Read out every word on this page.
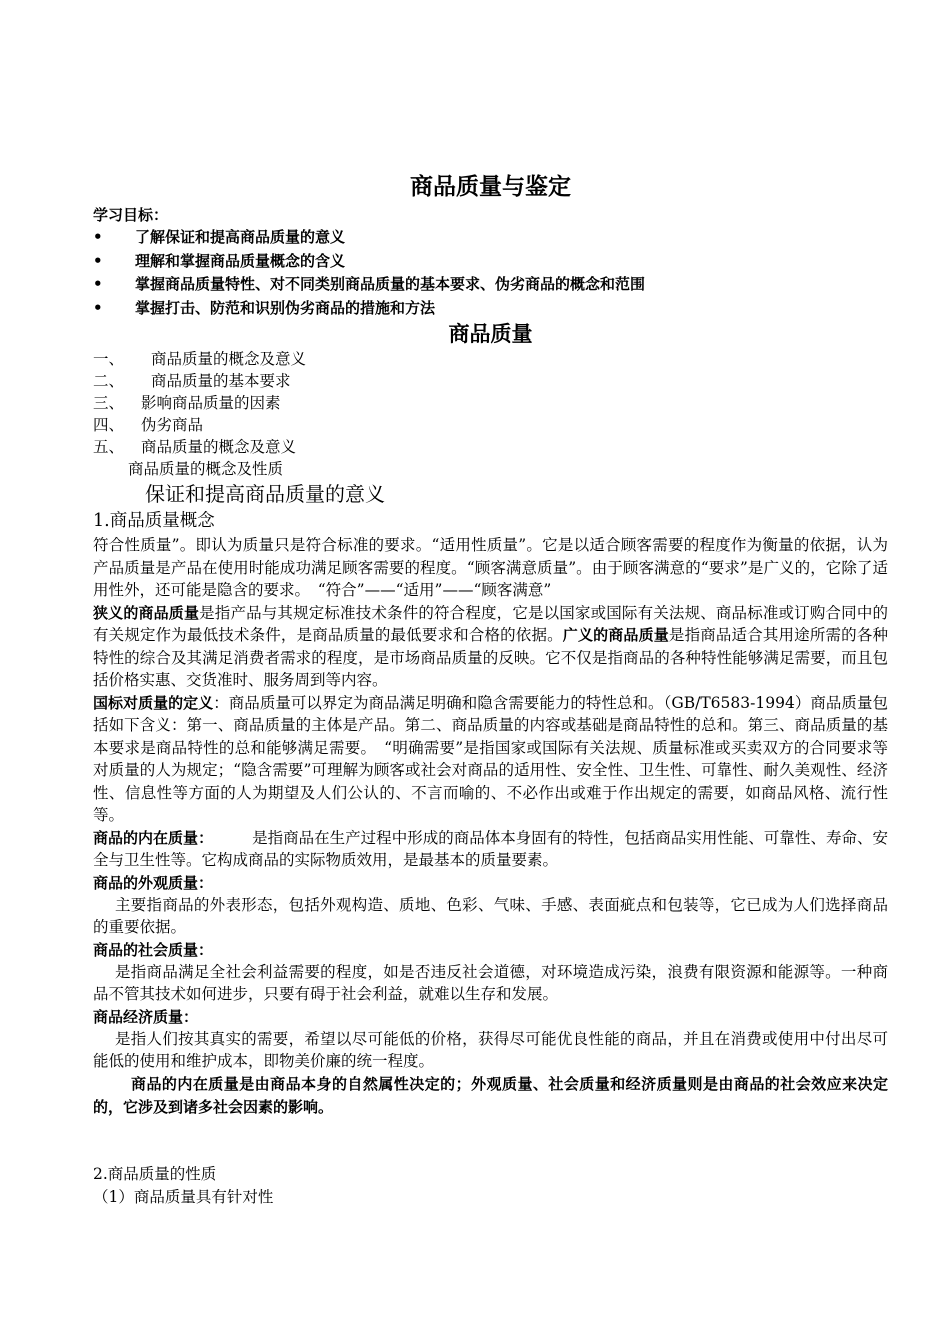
商品质量与鉴定
学习目标：
• 了解保证和提高商品质量的意义
• 理解和掌握商品质量概念的含义
• 掌握商品质量特性、对不同类别商品质量的基本要求、伪劣商品的概念和范围
• 掌握打击、防范和识别伪劣商品的措施和方法
商品质量
一、 商品质量的概念及意义
二、 商品质量的基本要求
三、 影响商品质量的因素
四、 伪劣商品
五、 商品质量的概念及意义
商品质量的概念及性质
保证和提高商品质量的意义
1.商品质量概念

符合性质量”。即认为质量只是符合标准的要求。“适用性质量”。它是以适合顾客需要的程度作为衡量的依据，认为产品质量是产品在使用时能成功满足顾客需要的程度。“顾客满意质量”。由于顾客满意的“要求”是广义的，它除了适用性外，还可能是隐含的要求。　“符合”——“适用”——“顾客满意”

狭义的商品质量是指产品与其规定标准技术条件的符合程度，它是以国家或国际有关法规、商品标准或订购合同中的有关规定作为最低技术条件，是商品质量的最低要求和合格的依据。广义的商品质量是指商品适合其用途所需的各种特性的综合及其满足消费者需求的程度，是市场商品质量的反映。它不仅是指商品的各种特性能够满足需要，而且包括价格实惠、交货准时、服务周到等内容。

国标对质量的定义：商品质量可以界定为商品满足明确和隐含需要能力的特性总和。（GB/T6583-1994）商品质量包括如下含义：第一、商品质量的主体是产品。第二、商品质量的内容或基础是商品特性的总和。第三、商品质量的基本要求是商品特性的总和能够满足需要。　“明确需要”是指国家或国际有关法规、质量标准或买卖双方的合同要求等对质量的人为规定；“隐含需要”可理解为顾客或社会对商品的适用性、安全性、卫生性、可靠性、耐久美观性、经济性、信息性等方面的人为期望及人们公认的、不言而喻的、不必作出或难于作出规定的需要，如商品风格、流行性等。

商品的内在质量：　　　是指商品在生产过程中形成的商品体本身固有的特性，包括商品实用性能、可靠性、寿命、安全与卫生性等。它构成商品的实际物质效用，是最基本的质量要素。

商品的外观质量：

主要指商品的外表形态，包括外观构造、质地、色彩、气味、手感、表面疵点和包装等，它已成为人们选择商品的重要依据。

商品的社会质量：

是指商品满足全社会利益需要的程度，如是否违反社会道德，对环境造成污染，浪费有限资源和能源等。一种商品不管其技术如何进步，只要有碍于社会利益，就难以生存和发展。

商品经济质量：

是指人们按其真实的需要，希望以尽可能低的价格，获得尽可能优良性能的商品，并且在消费或使用中付出尽可能低的使用和维护成本，即物美价廉的统一程度。

商品的内在质量是由商品本身的自然属性决定的；外观质量、社会质量和经济质量则是由商品的社会效应来决定的，它涉及到诸多社会因素的影响。

2.商品质量的性质
（1）商品质量具有针对性
